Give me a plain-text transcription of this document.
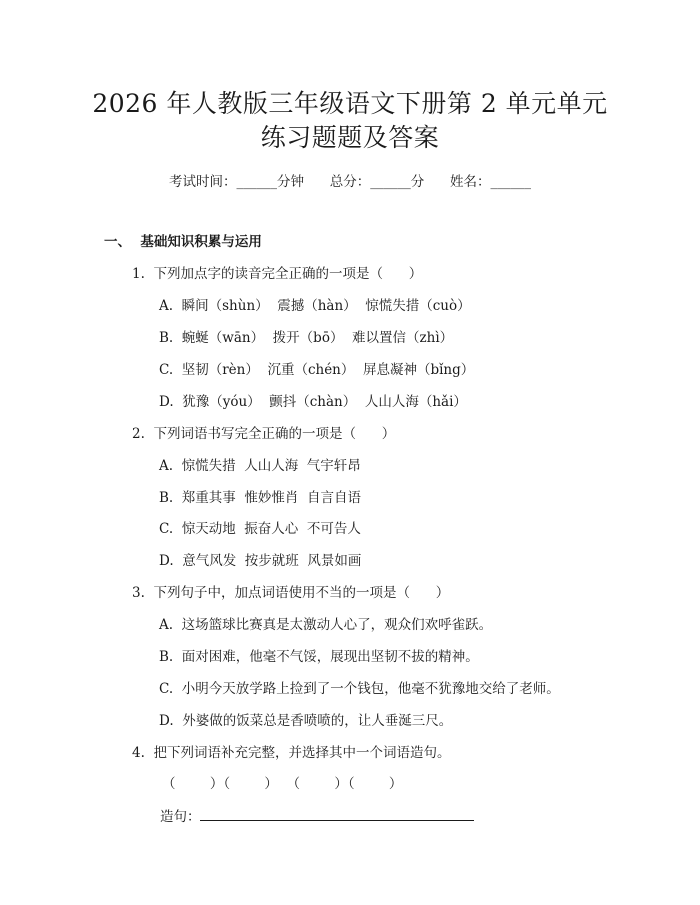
2026 年人教版三年级语文下册第 2 单元单元
练习题题及答案
考试时间：______分钟      总分：______分      姓名：______
一、  基础知识积累与运用
1.  下列加点字的读音完全正确的一项是（      ）
A.  瞬间（shùn）  震撼（hàn）  惊慌失措（cuò）
B.  蜿蜒（wān）  拨开（bō）  难以置信（zhì）
C.  坚韧（rèn）  沉重（chén）  屏息凝神（bǐng）
D.  犹豫（yóu）  颤抖（chàn）  人山人海（hǎi）
2.  下列词语书写完全正确的一项是（      ）
A.  惊慌失措  人山人海  气宇轩昂
B.  郑重其事  惟妙惟肖  自言自语
C.  惊天动地  振奋人心  不可告人
D.  意气风发  按步就班  风景如画
3.  下列句子中，加点词语使用不当的一项是（      ）
A.  这场篮球比赛真是太激动人心了，观众们欢呼雀跃。
B.  面对困难，他毫不气馁，展现出坚韧不拔的精神。
C.  小明今天放学路上捡到了一个钱包，他毫不犹豫地交给了老师。
D.  外婆做的饭菜总是香喷喷的，让人垂涎三尺。
4.  把下列词语补充完整，并选择其中一个词语造句。
（        ）（        ）  （        ）（        ）
造句：
